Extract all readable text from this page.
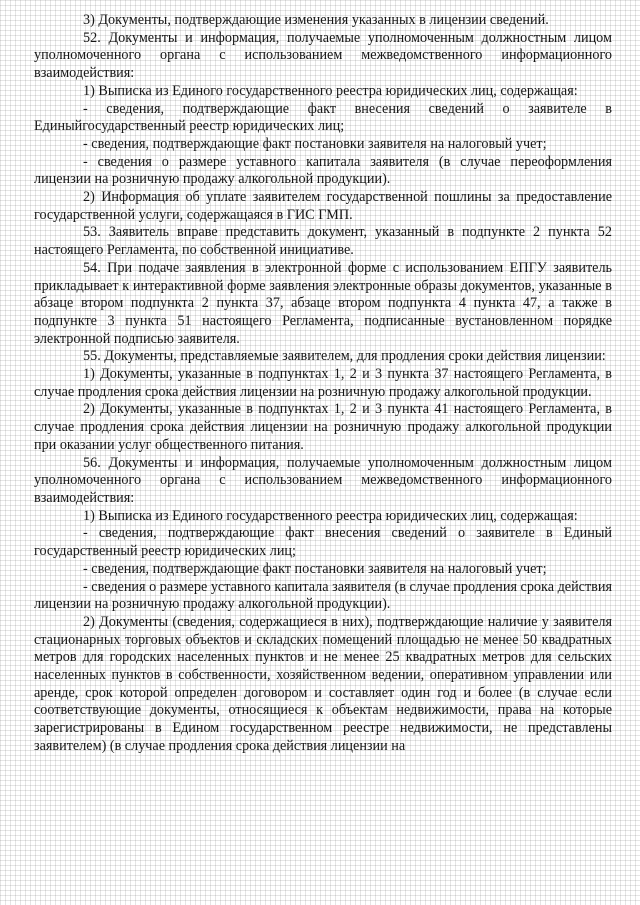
3) Документы, подтверждающие изменения указанных в лицензии сведений.

52. Документы и информация, получаемые уполномоченным должностным лицом уполномоченного органа с использованием межведомственного информационного взаимодействия:

1) Выписка из Единого государственного реестра юридических лиц, содержащая:

- сведения, подтверждающие факт внесения сведений о заявителе в Единыйгосударственный реестр юридических лиц;

- сведения, подтверждающие факт постановки заявителя на налоговый учет;

- сведения о размере уставного капитала заявителя (в случае переоформления лицензии на розничную продажу алкогольной продукции).

2) Информация об уплате заявителем государственной пошлины за предоставление государственной услуги, содержащаяся в ГИС ГМП.

53. Заявитель вправе представить документ, указанный в подпункте 2 пункта 52 настоящего Регламента, по собственной инициативе.

54. При подаче заявления в электронной форме с использованием ЕПГУ заявитель прикладывает к интерактивной форме заявления электронные образы документов, указанные в абзаце втором подпункта 2 пункта 37, абзаце втором подпункта 4 пункта 47, а также в подпункте 3 пункта 51 настоящего Регламента, подписанные вустановленном порядке электронной подписью заявителя.

55. Документы, представляемые заявителем, для продления сроки действия лицензии:

1) Документы, указанные в подпунктах 1, 2 и 3 пункта 37 настоящего Регламента, в случае продления срока действия лицензии на розничную продажу алкогольной продукции.

2) Документы, указанные в подпунктах 1, 2 и 3 пункта 41 настоящего Регламента, в случае продления срока действия лицензии на розничную продажу алкогольной продукции при оказании услуг общественного питания.

56. Документы и информация, получаемые уполномоченным должностным лицом уполномоченного органа с использованием межведомственного информационного взаимодействия:

1) Выписка из Единого государственного реестра юридических лиц, содержащая:

- сведения, подтверждающие факт внесения сведений о заявителе в Единый государственный реестр юридических лиц;

- сведения, подтверждающие факт постановки заявителя на налоговый учет;

- сведения о размере уставного капитала заявителя (в случае продления срока действия лицензии на розничную продажу алкогольной продукции).

2) Документы (сведения, содержащиеся в них), подтверждающие наличие у заявителя стационарных торговых объектов и складских помещений площадью не менее 50 квадратных метров для городских населенных пунктов и не менее 25 квадратных метров для сельских населенных пунктов в собственности, хозяйственном ведении, оперативном управлении или аренде, срок которой определен договором и составляет один год и более (в случае если соответствующие документы, относящиеся к объектам недвижимости, права на которые зарегистрированы в Едином государственном реестре недвижимости, не представлены заявителем) (в случае продления срока действия лицензии на
